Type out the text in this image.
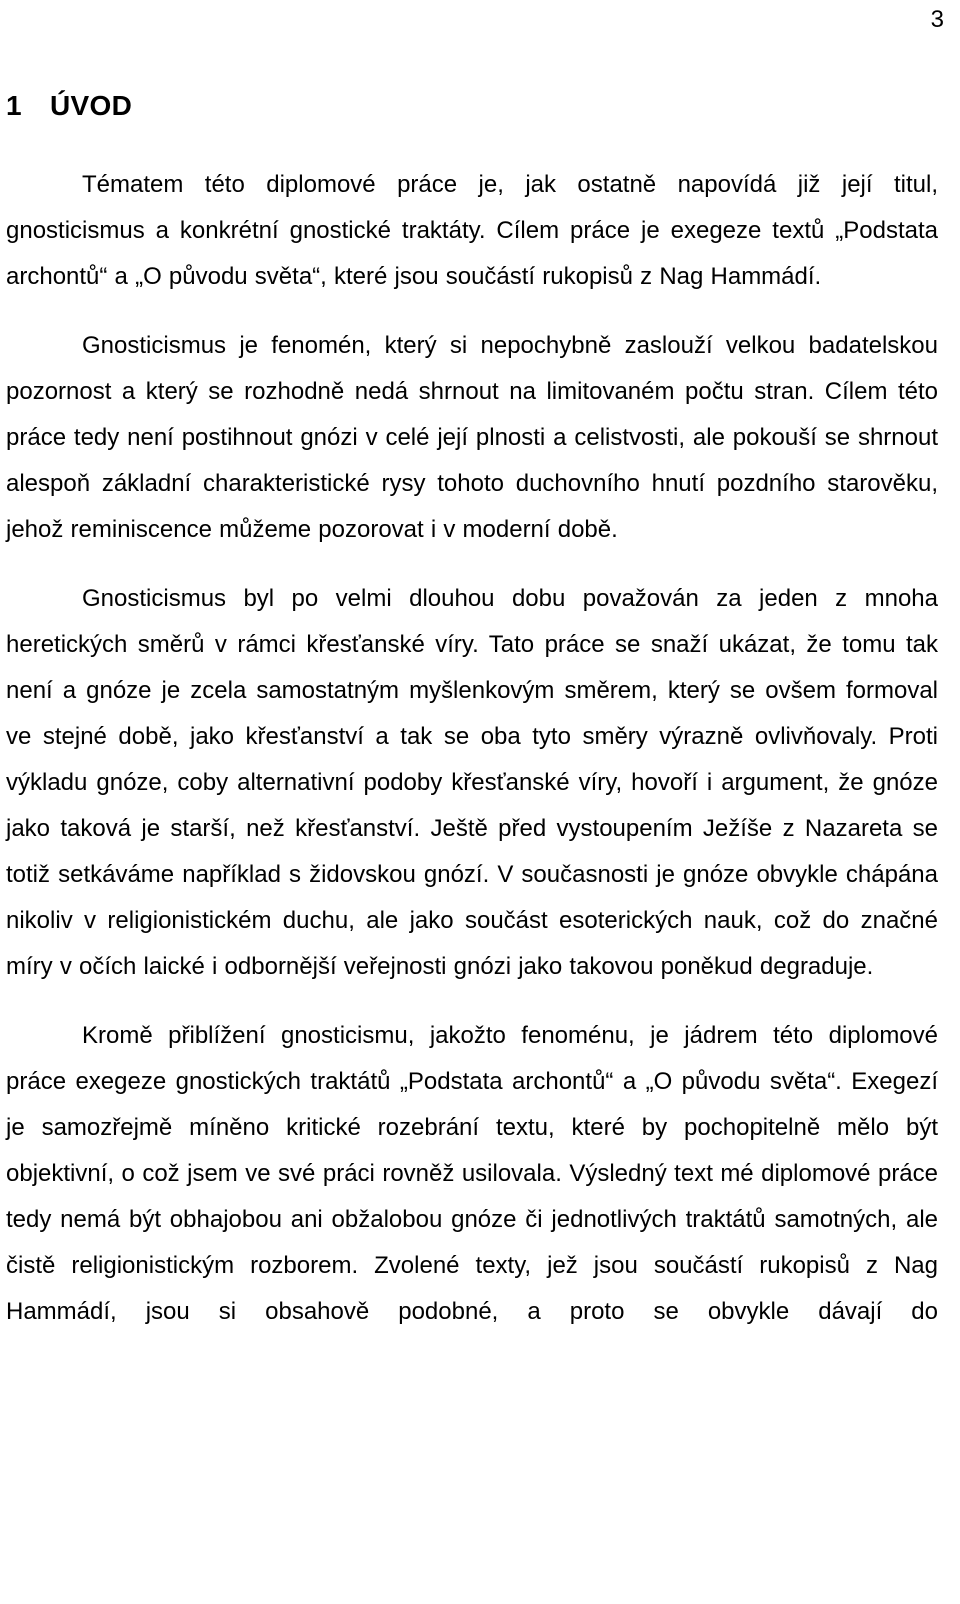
3
1 ÚVOD

Tématem této diplomové práce je, jak ostatně napovídá již její titul, gnosticismus a konkrétní gnostické traktáty. Cílem práce je exegeze textů „Podstata archontů“ a „O původu světa“, které jsou součástí rukopisů z Nag Hammádí.

Gnosticismus je fenomén, který si nepochybně zaslouží velkou badatelskou pozornost a který se rozhodně nedá shrnout na limitovaném počtu stran. Cílem této práce tedy není postihnout gnózi v celé její plnosti a celistvosti, ale pokouší se shrnout alespoň základní charakteristické rysy tohoto duchovního hnutí pozdního starověku, jehož reminiscence můžeme pozorovat i v moderní době.

Gnosticismus byl po velmi dlouhou dobu považován za jeden z mnoha heretických směrů v rámci křesťanské víry. Tato práce se snaží ukázat, že tomu tak není a gnóze je zcela samostatným myšlenkovým směrem, který se ovšem formoval ve stejné době, jako křesťanství a tak se oba tyto směry výrazně ovlivňovaly. Proti výkladu gnóze, coby alternativní podoby křesťanské víry, hovoří i argument, že gnóze jako taková je starší, než křesťanství. Ještě před vystoupením Ježíše z Nazareta se totiž setkáváme například s židovskou gnózí. V současnosti je gnóze obvykle chápána nikoliv v religionistickém duchu, ale jako součást esoterických nauk, což do značné míry v očích laické i odbornější veřejnosti gnózi jako takovou poněkud degraduje.

Kromě přiblížení gnosticismu, jakožto fenoménu, je jádrem této diplomové práce exegeze gnostických traktátů „Podstata archontů“ a „O původu světa“. Exegezí je samozřejmě míněno kritické rozebrání textu, které by pochopitelně mělo být objektivní, o což jsem ve své práci rovněž usilovala. Výsledný text mé diplomové práce tedy nemá být obhajobou ani obžalobou gnóze či jednotlivých traktátů samotných, ale čistě religionistickým rozborem. Zvolené texty, jež jsou součástí rukopisů z Nag Hammádí, jsou si obsahově podobné, a proto se obvykle dávají do
